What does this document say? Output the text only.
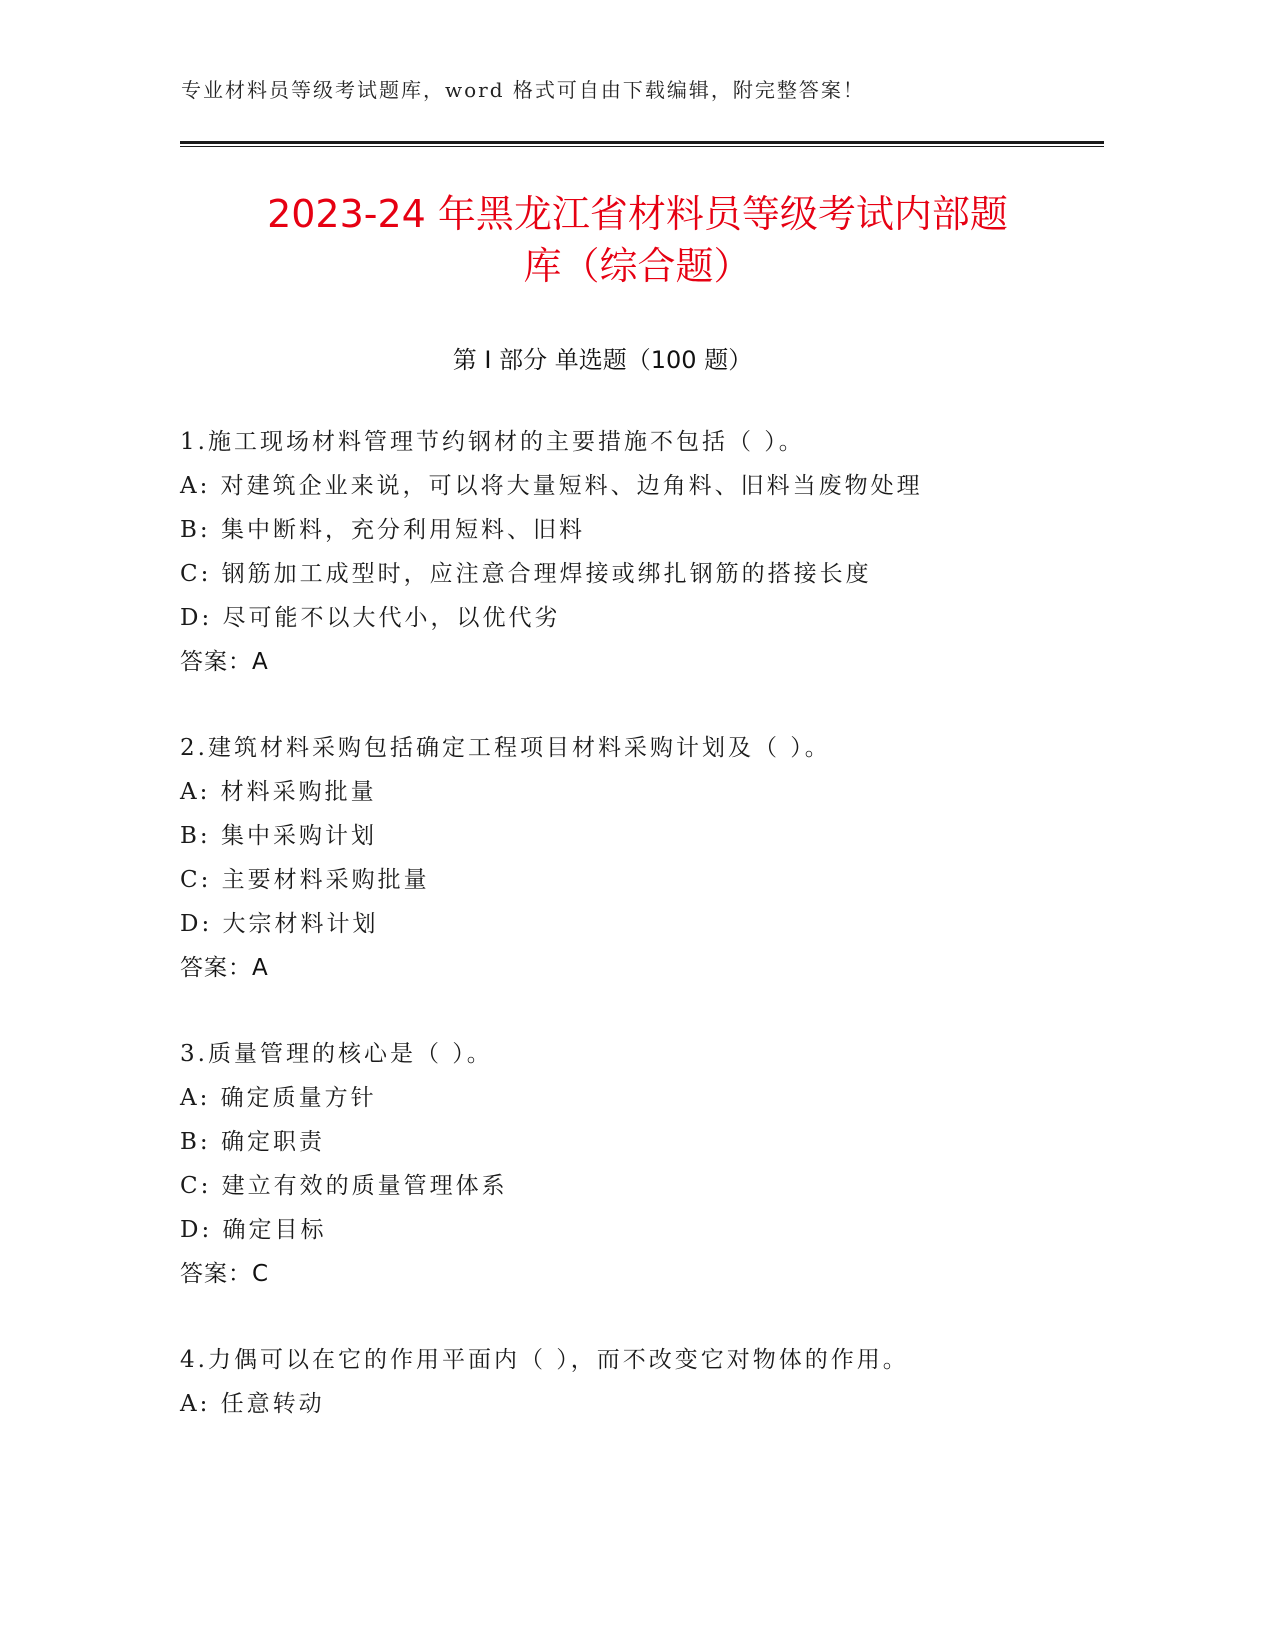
专业材料员等级考试题库，word 格式可自由下载编辑，附完整答案！
2023-24 年黑龙江省材料员等级考试内部题
库（综合题）
第 I 部分 单选题（100 题）
1.施工现场材料管理节约钢材的主要措施不包括（ ）。
A: 对建筑企业来说，可以将大量短料、边角料、旧料当废物处理
B: 集中断料，充分利用短料、旧料
C: 钢筋加工成型时，应注意合理焊接或绑扎钢筋的搭接长度
D: 尽可能不以大代小，以优代劣
答案：A
2.建筑材料采购包括确定工程项目材料采购计划及（ ）。
A: 材料采购批量
B: 集中采购计划
C: 主要材料采购批量
D: 大宗材料计划
答案：A
3.质量管理的核心是（ ）。
A: 确定质量方针
B: 确定职责
C: 建立有效的质量管理体系
D: 确定目标
答案：C
4.力偶可以在它的作用平面内（ ），而不改变它对物体的作用。
A: 任意转动
